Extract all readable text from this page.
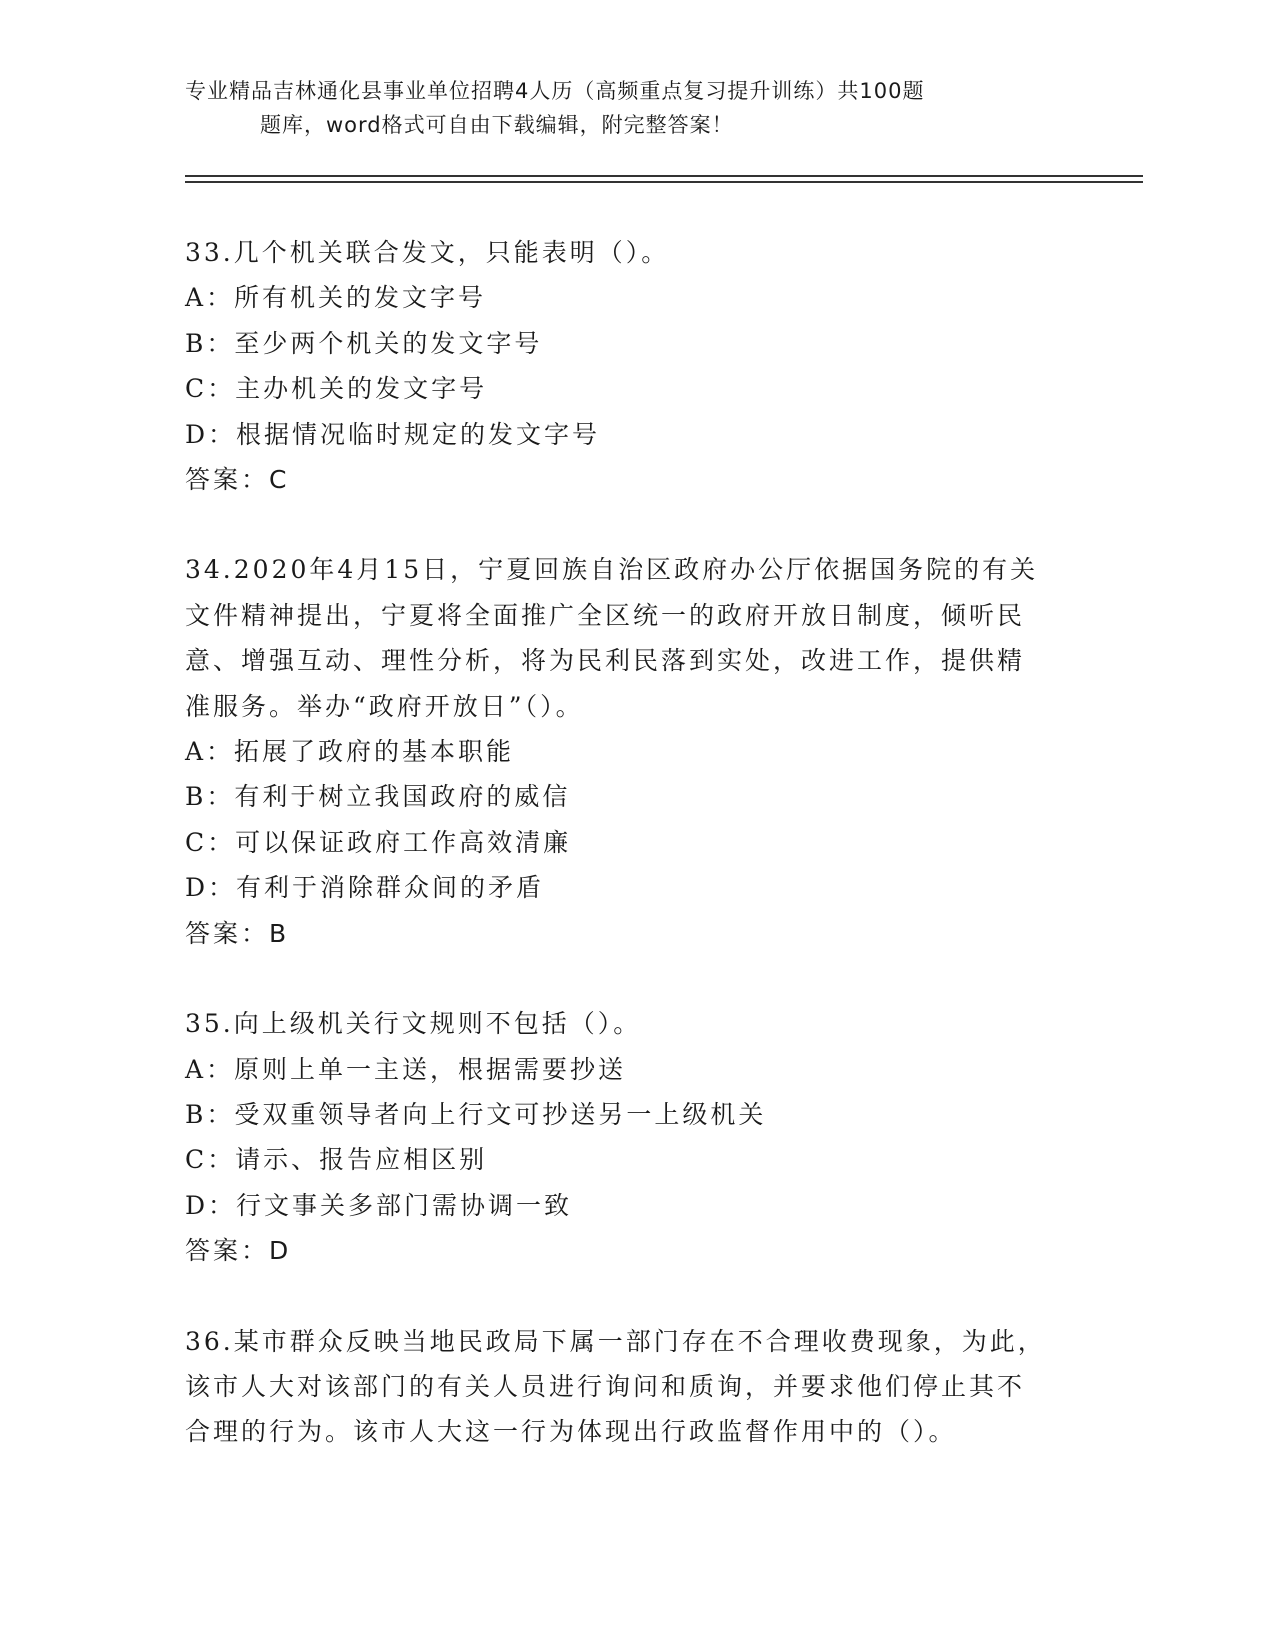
专业精品吉林通化县事业单位招聘4人历（高频重点复习提升训练）共100题
题库，word格式可自由下载编辑，附完整答案！
33.几个机关联合发文，只能表明（）。
A：所有机关的发文字号
B：至少两个机关的发文字号
C：主办机关的发文字号
D：根据情况临时规定的发文字号
答案：C
34.2020年4月15日，宁夏回族自治区政府办公厅依据国务院的有关
文件精神提出，宁夏将全面推广全区统一的政府开放日制度，倾听民
意、增强互动、理性分析，将为民利民落到实处，改进工作，提供精
准服务。举办“政府开放日”（）。
A：拓展了政府的基本职能
B：有利于树立我国政府的威信
C：可以保证政府工作高效清廉
D：有利于消除群众间的矛盾
答案：B
35.向上级机关行文规则不包括（）。
A：原则上单一主送，根据需要抄送
B：受双重领导者向上行文可抄送另一上级机关
C：请示、报告应相区别
D：行文事关多部门需协调一致
答案：D
36.某市群众反映当地民政局下属一部门存在不合理收费现象，为此，
该市人大对该部门的有关人员进行询问和质询，并要求他们停止其不
合理的行为。该市人大这一行为体现出行政监督作用中的（）。
